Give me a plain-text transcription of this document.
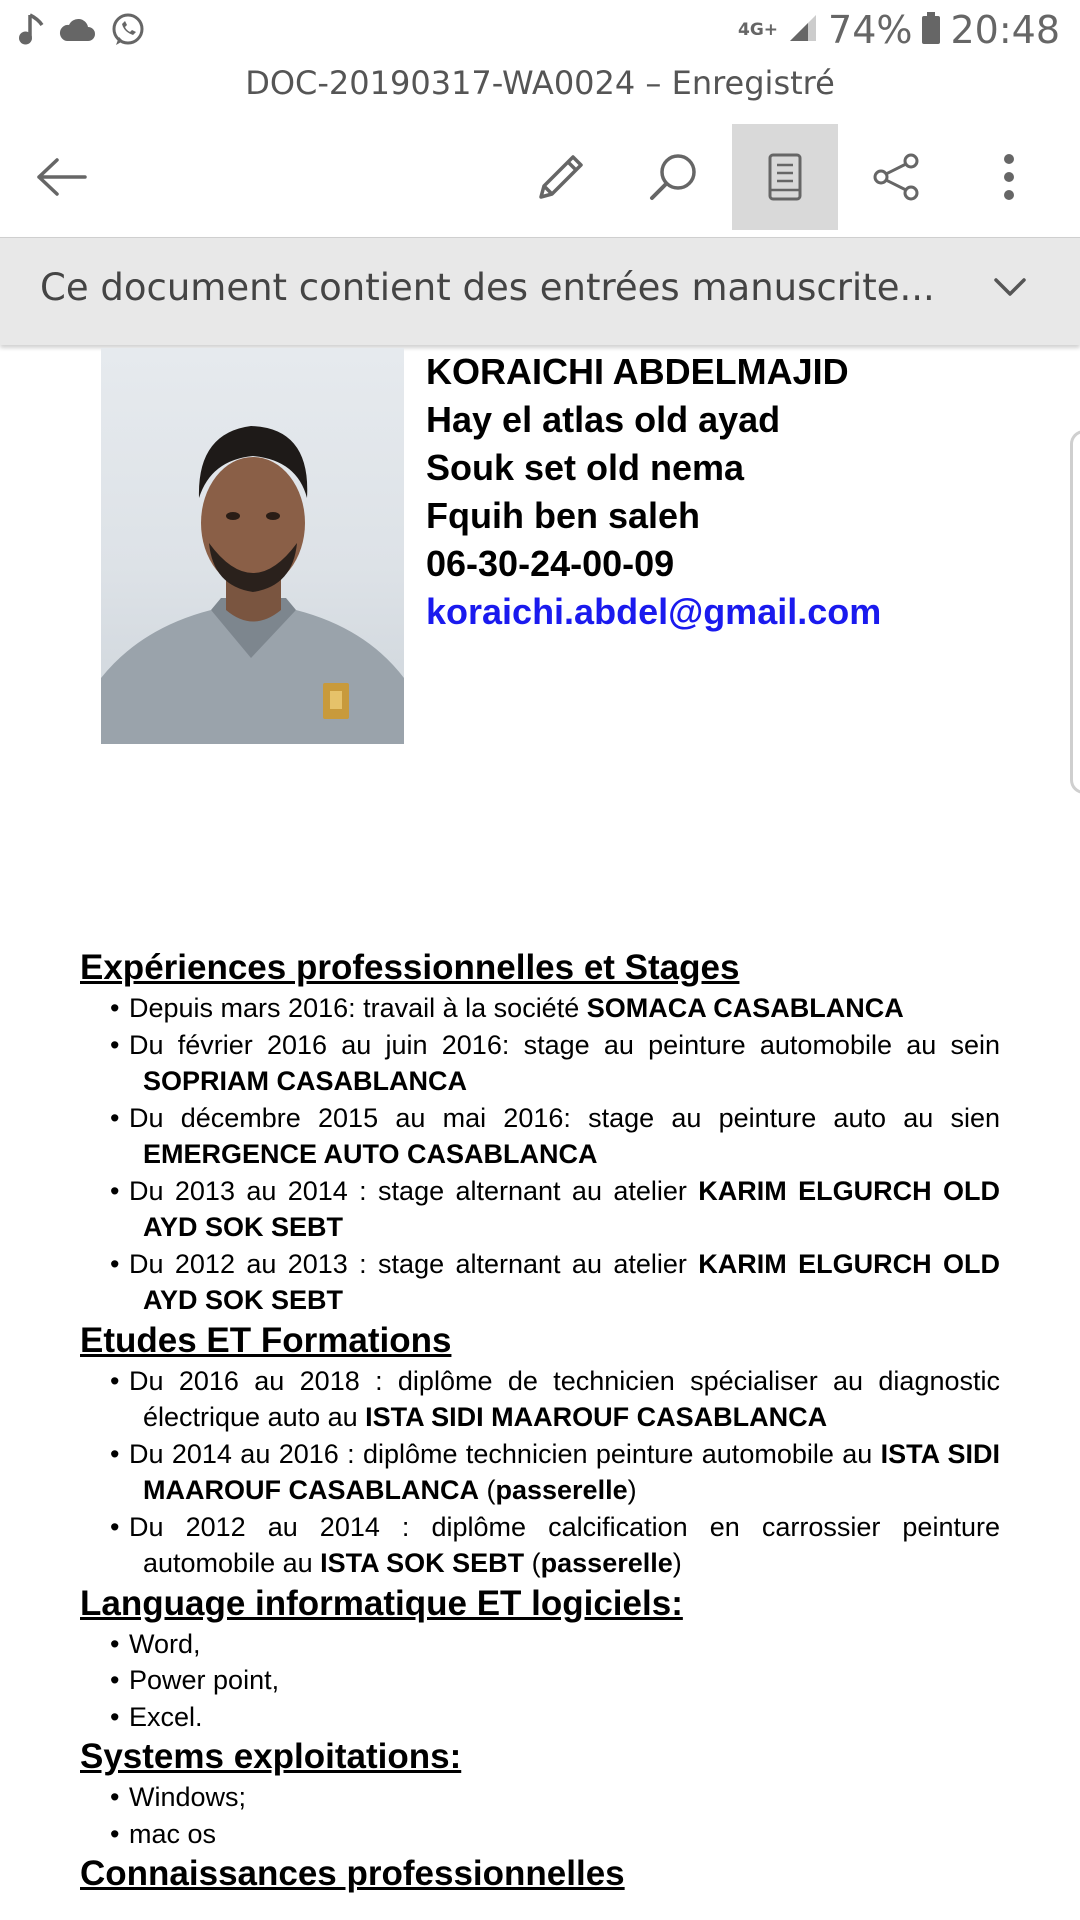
4G+ 74% 20:48
DOC-20190317-WA0024 – Enregistré
Ce document contient des entrées manuscrite...
KORAICHI ABDELMAJID
Hay el atlas old ayad
Souk set old nema
Fquih ben saleh
06-30-24-00-09
koraichi.abdel@gmail.com
Expériences professionnelles et Stages
• Depuis mars 2016: travail à la société SOMACA CASABLANCA
• Du février 2016 au juin 2016: stage au peinture automobile au sein SOPRIAM CASABLANCA
• Du décembre 2015 au mai 2016: stage au peinture auto au sien EMERGENCE AUTO CASABLANCA
• Du 2013 au 2014 : stage alternant au atelier KARIM ELGURCH OLD AYD SOK SEBT
• Du 2012 au 2013 : stage alternant au atelier KARIM ELGURCH OLD AYD SOK SEBT
Etudes ET Formations
• Du 2016 au 2018 : diplôme de technicien spécialiser au diagnostic électrique auto au ISTA SIDI MAAROUF CASABLANCA
• Du 2014 au 2016 : diplôme technicien peinture automobile au ISTA SIDI MAAROUF CASABLANCA (passerelle)
• Du 2012 au 2014 : diplôme calcification en carrossier peinture automobile au ISTA SOK SEBT (passerelle)
Language informatique ET logiciels:
• Word,
• Power point,
• Excel.
Systems exploitations:
• Windows;
• mac os
Connaissances professionnelles
